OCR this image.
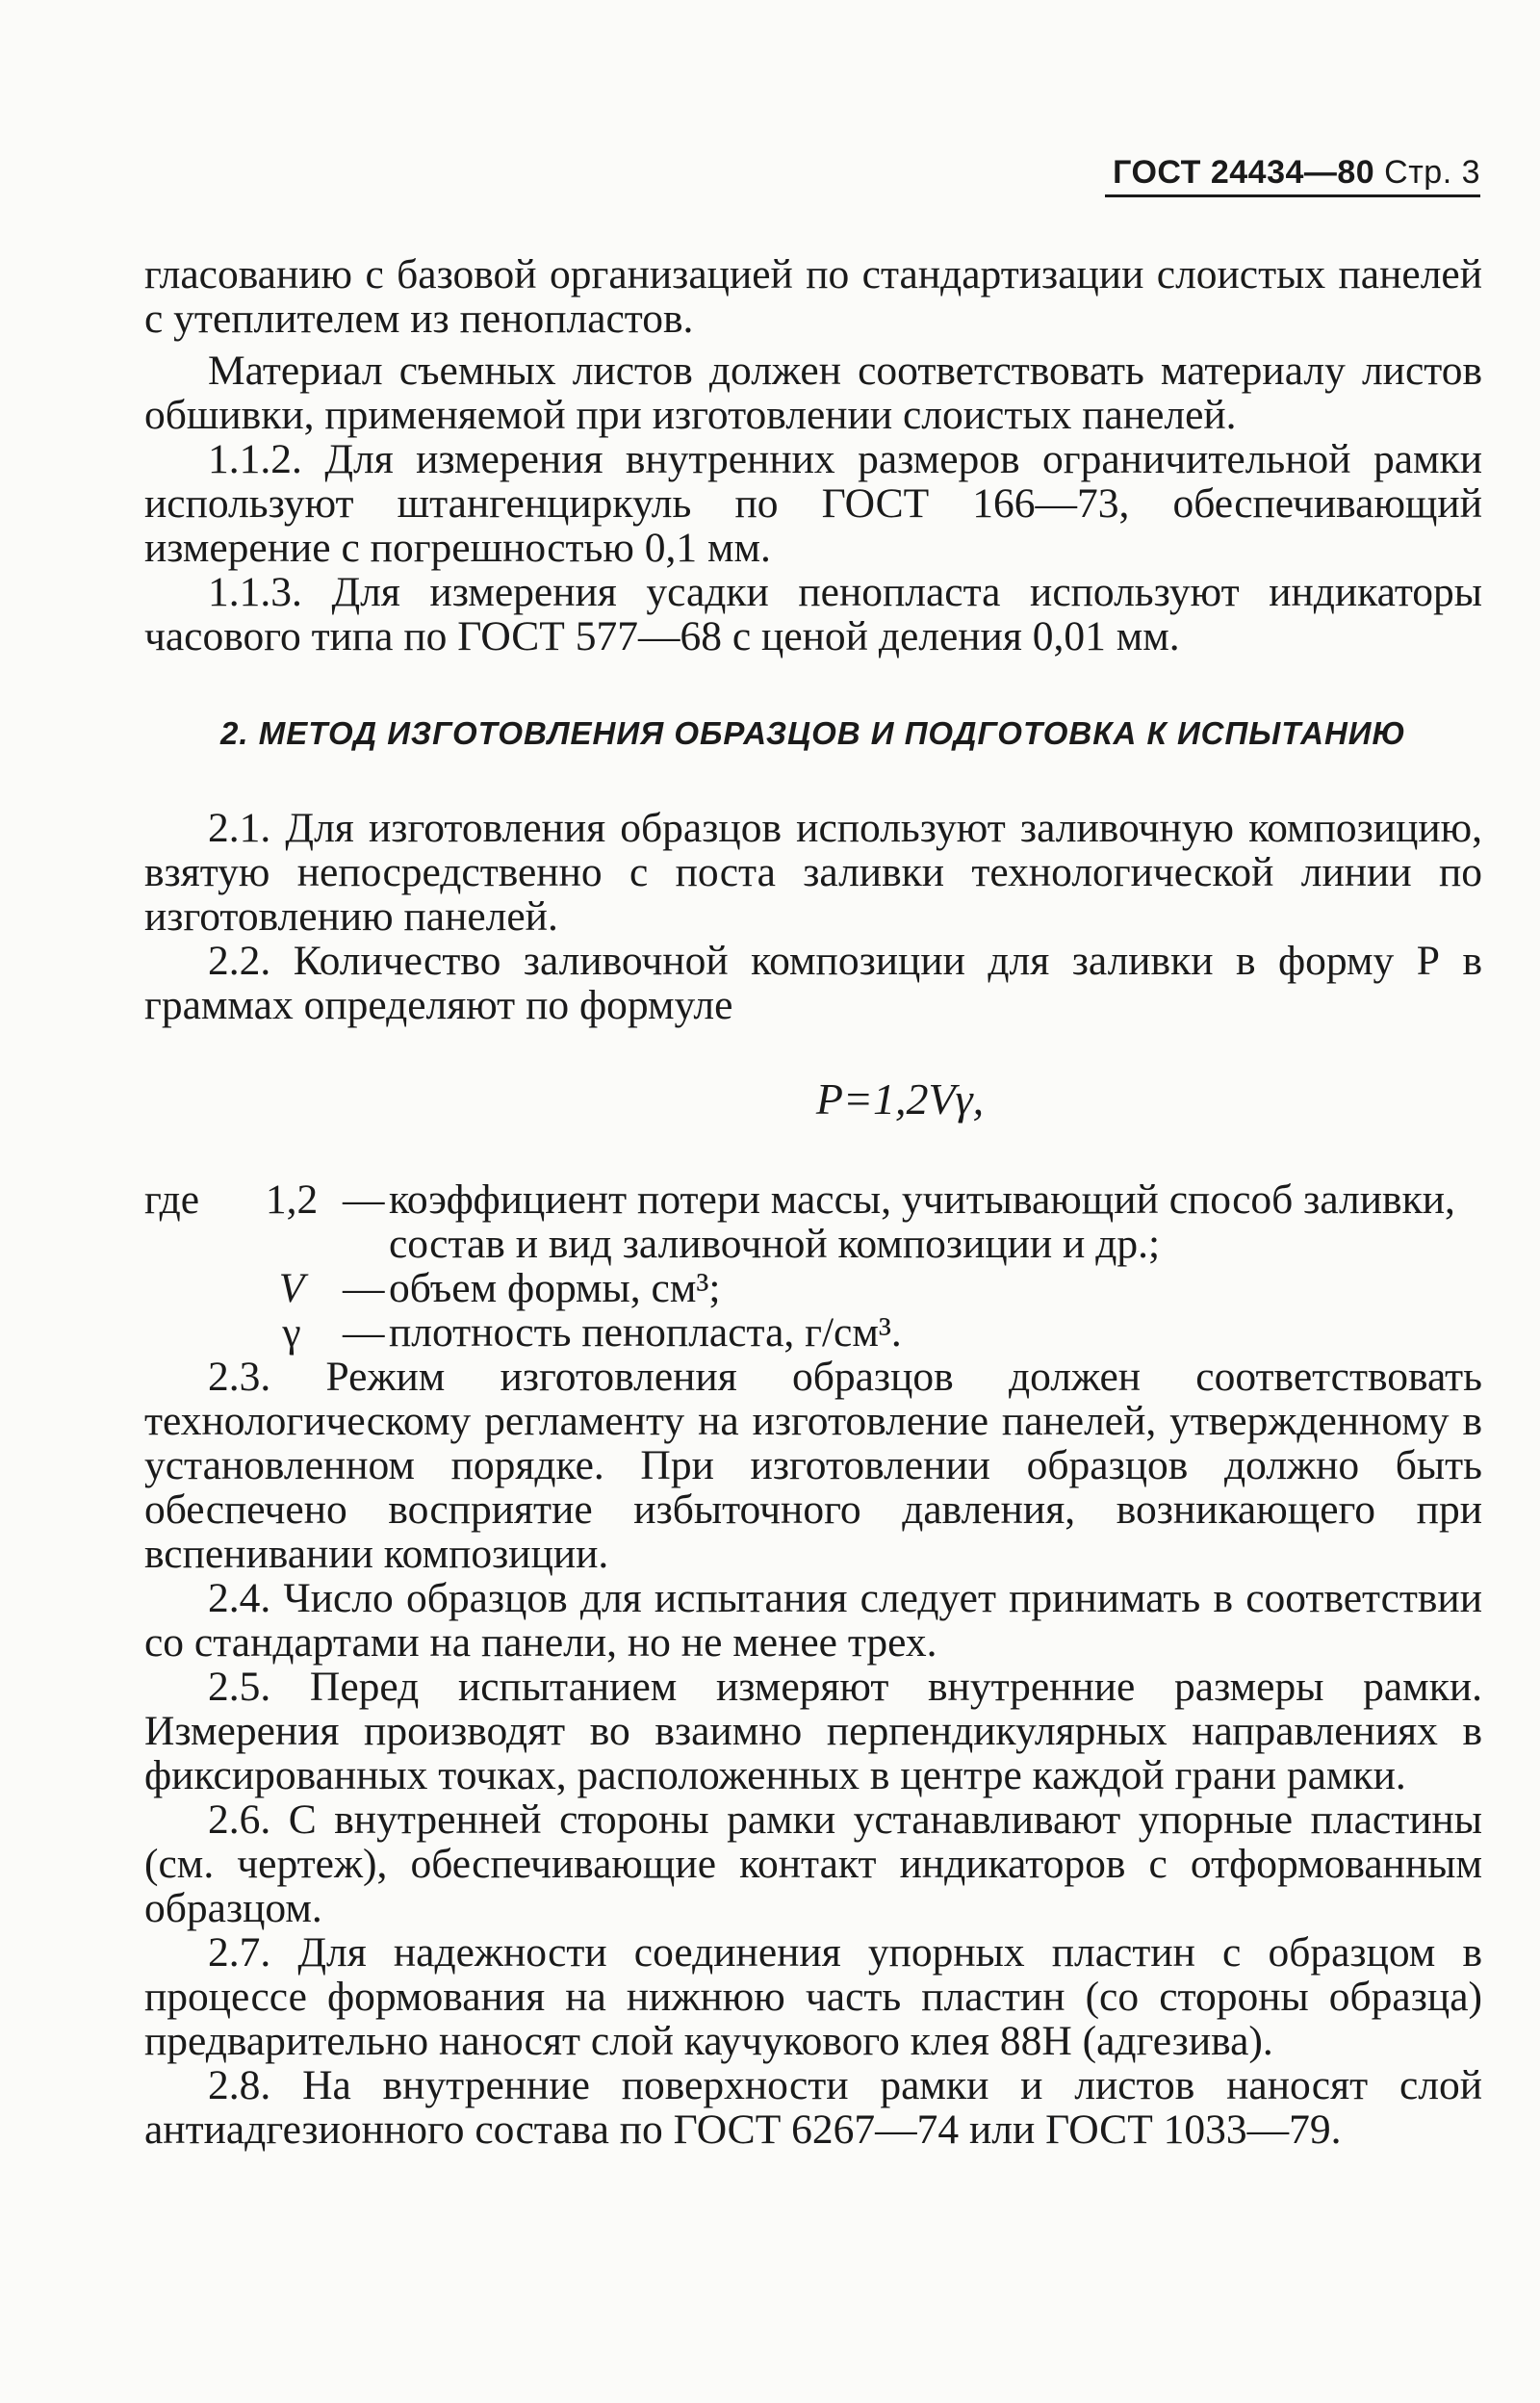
ГОСТ 24434—80 Стр. 3

гласованию с базовой организацией по стандартизации слоистых панелей с утеплителем из пенопластов.

Материал съемных листов должен соответствовать материалу листов обшивки, применяемой при изготовлении слоистых панелей.

1.1.2. Для измерения внутренних размеров ограничительной рамки используют штангенциркуль по ГОСТ 166—73, обеспечивающий измерение с погрешностью 0,1 мм.

1.1.3. Для измерения усадки пенопласта используют индикаторы часового типа по ГОСТ 577—68 с ценой деления 0,01 мм.

2. МЕТОД ИЗГОТОВЛЕНИЯ ОБРАЗЦОВ И ПОДГОТОВКА К ИСПЫТАНИЮ

2.1. Для изготовления образцов используют заливочную композицию, взятую непосредственно с поста заливки технологической линии по изготовлению панелей.

2.2. Количество заливочной композиции для заливки в форму Р в граммах определяют по формуле

P=1,2Vγ,
где	1,2 — коэффициент потери массы, учитывающий способ заливки, состав и вид заливочной композиции и др.;
V — объем формы, см³;
γ — плотность пенопласта, г/см³.

2.3. Режим изготовления образцов должен соответствовать технологическому регламенту на изготовление панелей, утвержденному в установленном порядке. При изготовлении образцов должно быть обеспечено восприятие избыточного давления, возникающего при вспенивании композиции.

2.4. Число образцов для испытания следует принимать в соответствии со стандартами на панели, но не менее трех.

2.5. Перед испытанием измеряют внутренние размеры рамки. Измерения производят во взаимно перпендикулярных направлениях в фиксированных точках, расположенных в центре каждой грани рамки.

2.6. С внутренней стороны рамки устанавливают упорные пластины (см. чертеж), обеспечивающие контакт индикаторов с отформованным образцом.

2.7. Для надежности соединения упорных пластин с образцом в процессе формования на нижнюю часть пластин (со стороны образца) предварительно наносят слой каучукового клея 88Н (адгезива).

2.8. На внутренние поверхности рамки и листов наносят слой антиадгезионного состава по ГОСТ 6267—74 или ГОСТ 1033—79.
